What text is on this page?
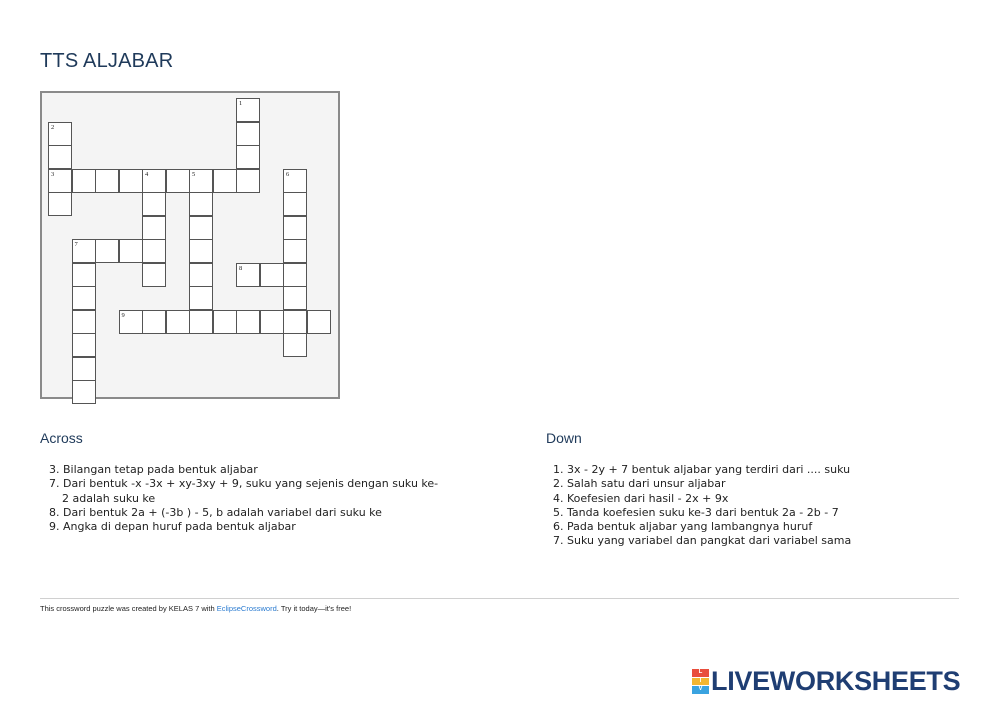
TTS ALJABAR
1
2
3	4	5	6
7
8
9
Across
3. Bilangan tetap pada bentuk aljabar
7. Dari bentuk -x -3x + xy-3xy + 9, suku yang sejenis dengan suku ke-2 adalah suku ke
8. Dari bentuk 2a + (-3b ) - 5, b adalah variabel dari suku ke
9. Angka di depan huruf pada bentuk aljabar
Down
1. 3x - 2y + 7 bentuk aljabar yang terdiri dari .... suku
2. Salah satu dari unsur aljabar
4. Koefesien dari hasil - 2x + 9x
5. Tanda koefesien suku ke-3 dari bentuk 2a - 2b - 7
6. Pada bentuk aljabar yang lambangnya huruf
7. Suku yang variabel dan pangkat dari variabel sama
This crossword puzzle was created by KELAS 7 with EclipseCrossword. Try it today—it's free!
L
I
V LIVEWORKSHEETS
